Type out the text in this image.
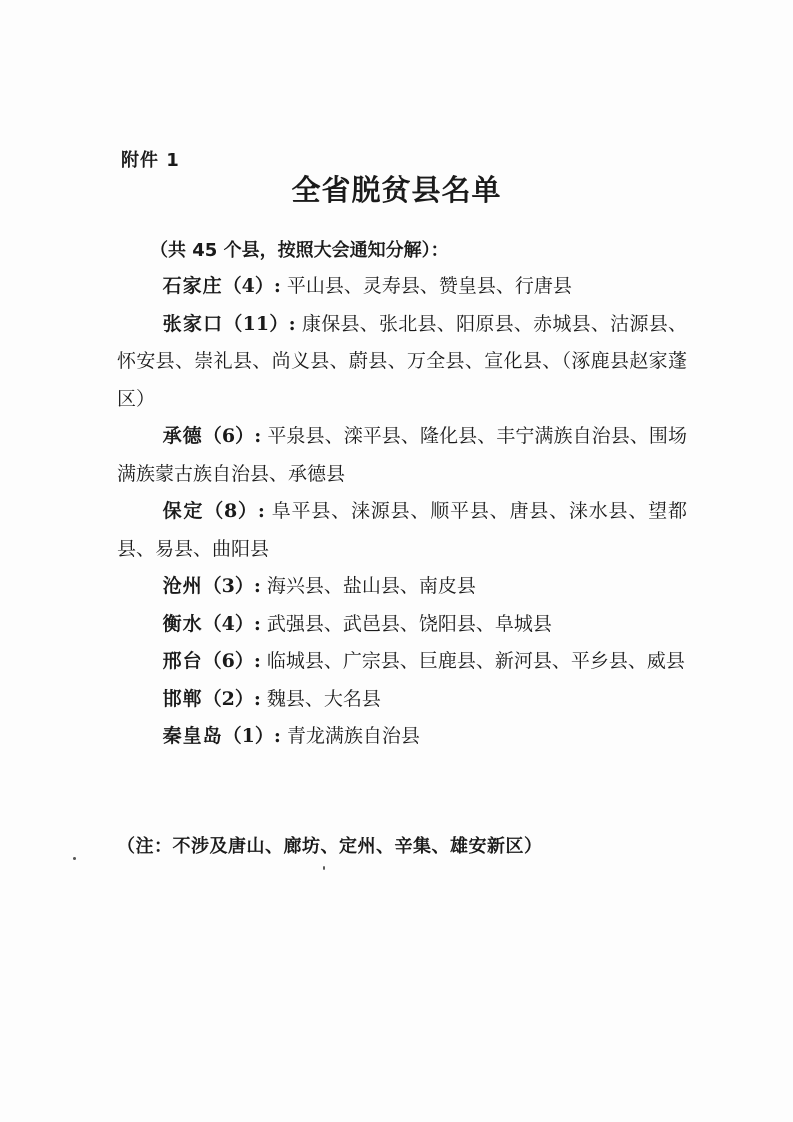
附件 1
全省脱贫县名单
（共 45 个县，按照大会通知分解）：

石家庄（4）: 平山县、灵寿县、赞皇县、行唐县

张家口（11）: 康保县、张北县、阳原县、赤城县、沽源县、怀安县、崇礼县、尚义县、蔚县、万全县、宣化县、（涿鹿县赵家蓬区）

承德（6）: 平泉县、滦平县、隆化县、丰宁满族自治县、围场满族蒙古族自治县、承德县

保定（8）: 阜平县、涞源县、顺平县、唐县、涞水县、望都县、易县、曲阳县

沧州（3）: 海兴县、盐山县、南皮县

衡水（4）: 武强县、武邑县、饶阳县、阜城县

邢台（6）: 临城县、广宗县、巨鹿县、新河县、平乡县、威县

邯郸（2）: 魏县、大名县

秦皇岛（1）: 青龙满族自治县

（注：不涉及唐山、廊坊、定州、辛集、雄安新区）
